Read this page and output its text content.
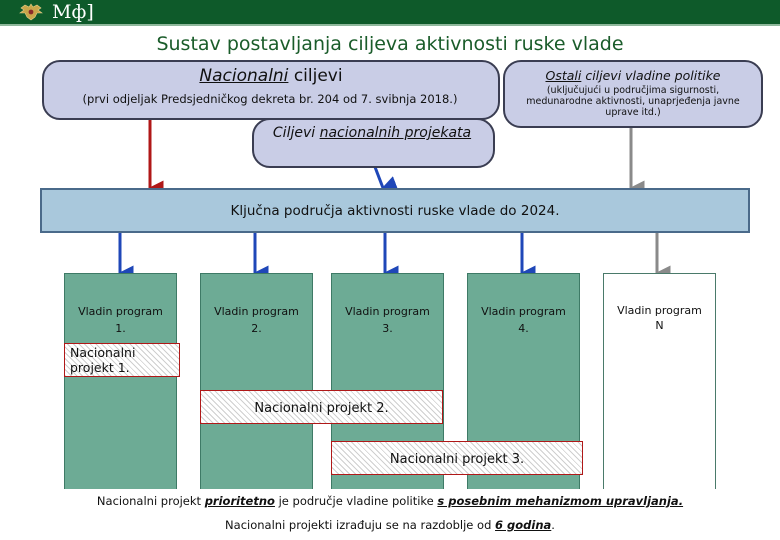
Мф]
Sustav postavljanja ciljeva aktivnosti ruske vlade
Nacionalni ciljevi
(prvi odjeljak Predsjedničkog dekreta br. 204 od 7. svibnja 2018.)
Ostali ciljevi vladine politike
(uključujući u područjima sigurnosti, medunarodne aktivnosti, unaprjeđenja javne uprave itd.)
Ciljevi nacionalnih projekata
Ključna područja aktivnosti ruske vlade do 2024.
Vladin program
1.
Vladin program
2.
Vladin program
3.
Vladin program
4.
Vladin program
N
Nacionalni projekt 1.
Nacionalni projekt 2.
Nacionalni projekt 3.
Nacionalni projekt prioritetno je područje vladine politike s posebnim mehanizmom upravljanja.
Nacionalni projekti izrađuju se na razdoblje od 6 godina.
